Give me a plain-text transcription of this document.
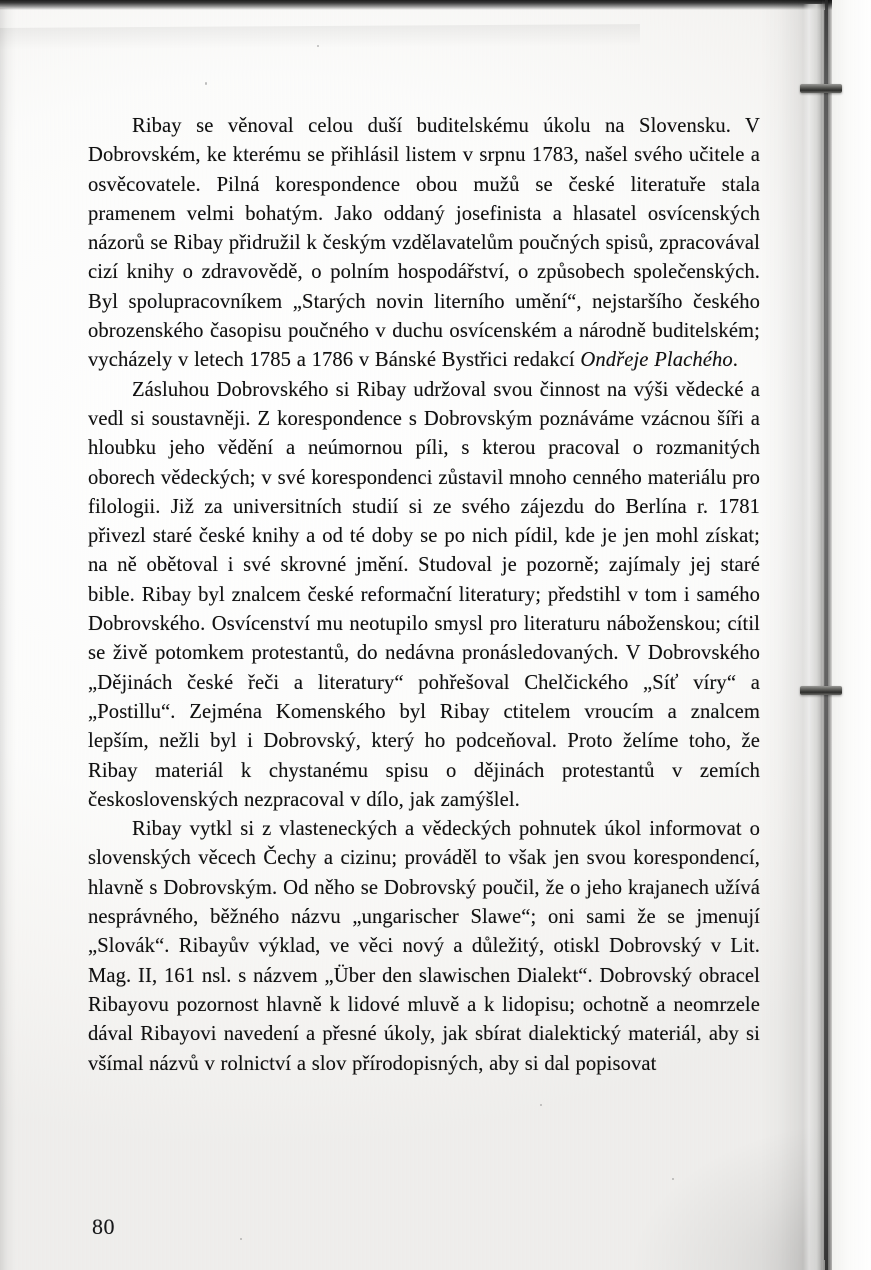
Ribay se věnoval celou duší buditelskému úkolu na Slovensku. V Dobrovském, ke kterému se přihlásil listem v srpnu 1783, našel svého učitele a osvěcovatele. Pilná korespondence obou mužů se české literatuře stala pramenem velmi bohatým. Jako oddaný josefinista a hlasatel osvícenských názorů se Ribay přidružil k českým vzdělavatelům poučných spisů, zpracovával cizí knihy o zdravovědě, o polním hospodářství, o způsobech společenských. Byl spolupracovníkem „Starých novin literního umění“, nejstaršího českého obrozenského časopisu poučného v duchu osvícenském a národně buditelském; vycházely v letech 1785 a 1786 v Bánské Bystřici redakcí Ondřeje Plachého.

Zásluhou Dobrovského si Ribay udržoval svou činnost na výši vědecké a vedl si soustavněji. Z korespondence s Dobrovským poznáváme vzácnou šíři a hloubku jeho vědění a neúmornou píli, s kterou pracoval o rozmanitých oborech vědeckých; v své korespondenci zůstavil mnoho cenného materiálu pro filologii. Již za universitních studií si ze svého zájezdu do Berlína r. 1781 přivezl staré české knihy a od té doby se po nich pídil, kde je jen mohl získat; na ně obětoval i své skrovné jmění. Studoval je pozorně; zajímaly jej staré bible. Ribay byl znalcem české reformační literatury; předstihl v tom i samého Dobrovského. Osvícenství mu neotupilo smysl pro literaturu náboženskou; cítil se živě potomkem protestantů, do nedávna pronásledovaných. V Dobrovského „Dějinách české řeči a literatury“ pohřešoval Chelčického „Síť víry“ a „Postillu“. Zejména Komenského byl Ribay ctitelem vroucím a znalcem lepším, nežli byl i Dobrovský, který ho podceňoval. Proto želíme toho, že Ribay materiál k chystanému spisu o dějinách protestantů v zemích československých nezpracoval v dílo, jak zamýšlel.

Ribay vytkl si z vlasteneckých a vědeckých pohnutek úkol informovat o slovenských věcech Čechy a cizinu; prováděl to však jen svou korespondencí, hlavně s Dobrovským. Od něho se Dobrovský poučil, že o jeho krajanech užívá nesprávného, běžného názvu „ungarischer Slawe“; oni sami že se jmenují „Slovák“. Ribayův výklad, ve věci nový a důležitý, otiskl Dobrovský v Lit. Mag. II, 161 nsl. s názvem „Über den slawischen Dialekt“. Dobrovský obracel Ribayovu pozornost hlavně k lidové mluvě a k lidopisu; ochotně a neomrzele dával Ribayovi navedení a přesné úkoly, jak sbírat dialektický materiál, aby si všímal názvů v rolnictví a slov přírodopisných, aby si dal popisovat

80
